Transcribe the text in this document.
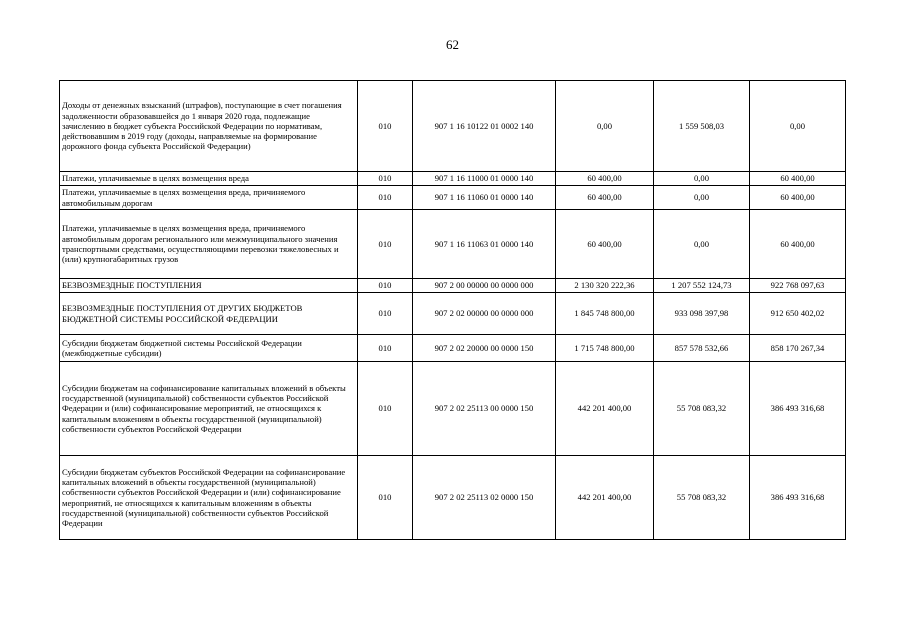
62
Доходы от денежных взысканий (штрафов), поступающие в счет погашения задолженности образовавшейся до 1 января 2020 года, подлежащие зачислению в бюджет субъекта Российской Федерации по нормативам, действовавшим в 2019 году (доходы, направляемые на формирование дорожного фонда субъекта Российской Федерации)	010	907 1 16 10122 01 0002 140	0,00	1 559 508,03	0,00
Платежи, уплачиваемые в целях возмещения вреда	010	907 1 16 11000 01 0000 140	60 400,00	0,00	60 400,00
Платежи, уплачиваемые в целях возмещения вреда, причиняемого автомобильным дорогам	010	907 1 16 11060 01 0000 140	60 400,00	0,00	60 400,00
Платежи, уплачиваемые в целях возмещения вреда, причиняемого автомобильным дорогам регионального или межмуниципального значения транспортными средствами, осуществляющими перевозки тяжеловесных и (или) крупногабаритных грузов	010	907 1 16 11063 01 0000 140	60 400,00	0,00	60 400,00
БЕЗВОЗМЕЗДНЫЕ ПОСТУПЛЕНИЯ	010	907 2 00 00000 00 0000 000	2 130 320 222,36	1 207 552 124,73	922 768 097,63
БЕЗВОЗМЕЗДНЫЕ ПОСТУПЛЕНИЯ ОТ ДРУГИХ БЮДЖЕТОВ БЮДЖЕТНОЙ СИСТЕМЫ РОССИЙСКОЙ ФЕДЕРАЦИИ	010	907 2 02 00000 00 0000 000	1 845 748 800,00	933 098 397,98	912 650 402,02
Субсидии бюджетам бюджетной системы Российской Федерации (межбюджетные субсидии)	010	907 2 02 20000 00 0000 150	1 715 748 800,00	857 578 532,66	858 170 267,34
Субсидии бюджетам на софинансирование капитальных вложений в объекты государственной (муниципальной) собственности субъектов Российской Федерации и (или) софинансирование мероприятий, не относящихся к капитальным вложениям в объекты государственной (муниципальной) собственности субъектов Российской Федерации	010	907 2 02 25113 00 0000 150	442 201 400,00	55 708 083,32	386 493 316,68
Субсидии бюджетам субъектов Российской Федерации на софинансирование капитальных вложений в объекты государственной (муниципальной) собственности субъектов Российской Федерации и (или) софинансирование мероприятий, не относящихся к капитальным вложениям в объекты государственной (муниципальной) собственности субъектов Российской Федерации	010	907 2 02 25113 02 0000 150	442 201 400,00	55 708 083,32	386 493 316,68
